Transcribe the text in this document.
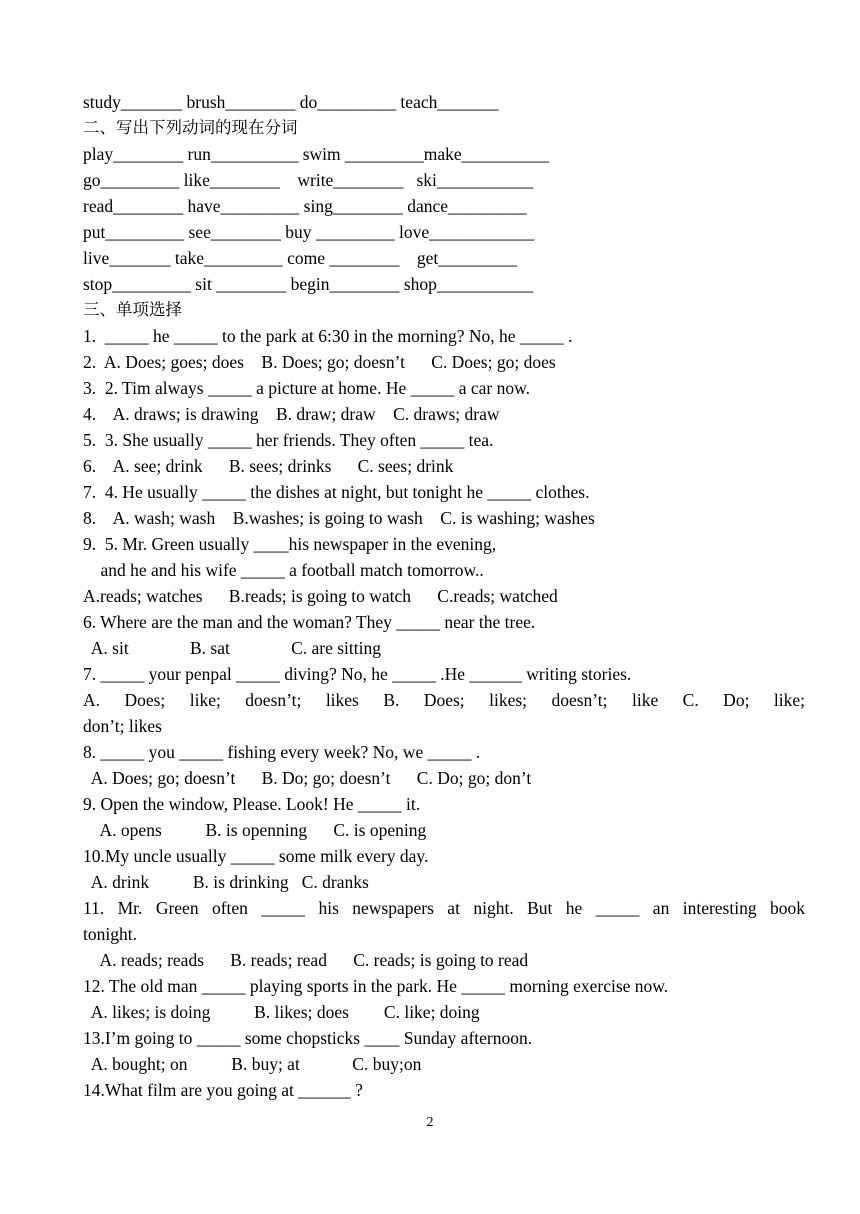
study_______ brush________ do_________ teach_______
二、写出下列动词的现在分词
play________ run__________ swim _________make__________
go_________ like________    write________   ski___________
read________ have_________ sing________ dance_________
put_________ see________ buy _________ love____________
live_______ take_________ come ________    get_________
stop_________ sit ________ begin________ shop___________
三、单项选择
1.  _____ he _____ to the park at 6:30 in the morning? No, he _____ .
2.  A. Does; goes; does    B. Does; go; doesn’t      C. Does; go; does
3.  2. Tim always _____ a picture at home. He _____ a car now.
4.    A. draws; is drawing    B. draw; draw    C. draws; draw
5.  3. She usually _____ her friends. They often _____ tea.
6.    A. see; drink      B. sees; drinks      C. sees; drink
7.  4. He usually _____ the dishes at night, but tonight he _____ clothes.
8.    A. wash; wash    B.washes; is going to wash    C. is washing; washes
9.  5. Mr. Green usually ____his newspaper in the evening,
and he and his wife _____ a football match tomorrow..
A.reads; watches      B.reads; is going to watch      C.reads; watched
6. Where are the man and the woman? They _____ near the tree.
A. sit              B. sat              C. are sitting
7. _____ your penpal _____ diving? No, he _____ .He ______ writing stories.
A. Does; like; doesn’t; likes B. Does; likes; doesn’t; like C. Do; like;
don’t; likes
8. _____ you _____ fishing every week? No, we _____ .
A. Does; go; doesn’t      B. Do; go; doesn’t      C. Do; go; don’t
9. Open the window, Please. Look! He _____ it.
A. opens          B. is openning      C. is opening
10.My uncle usually _____ some milk every day.
A. drink          B. is drinking   C. dranks
11. Mr. Green often _____ his newspapers at night. But he _____ an interesting book
tonight.
A. reads; reads      B. reads; read      C. reads; is going to read
12. The old man _____ playing sports in the park. He _____ morning exercise now.
A. likes; is doing          B. likes; does        C. like; doing
13.I’m going to _____ some chopsticks ____ Sunday afternoon.
A. bought; on          B. buy; at            C. buy;on
14.What film are you going at ______ ?
2
